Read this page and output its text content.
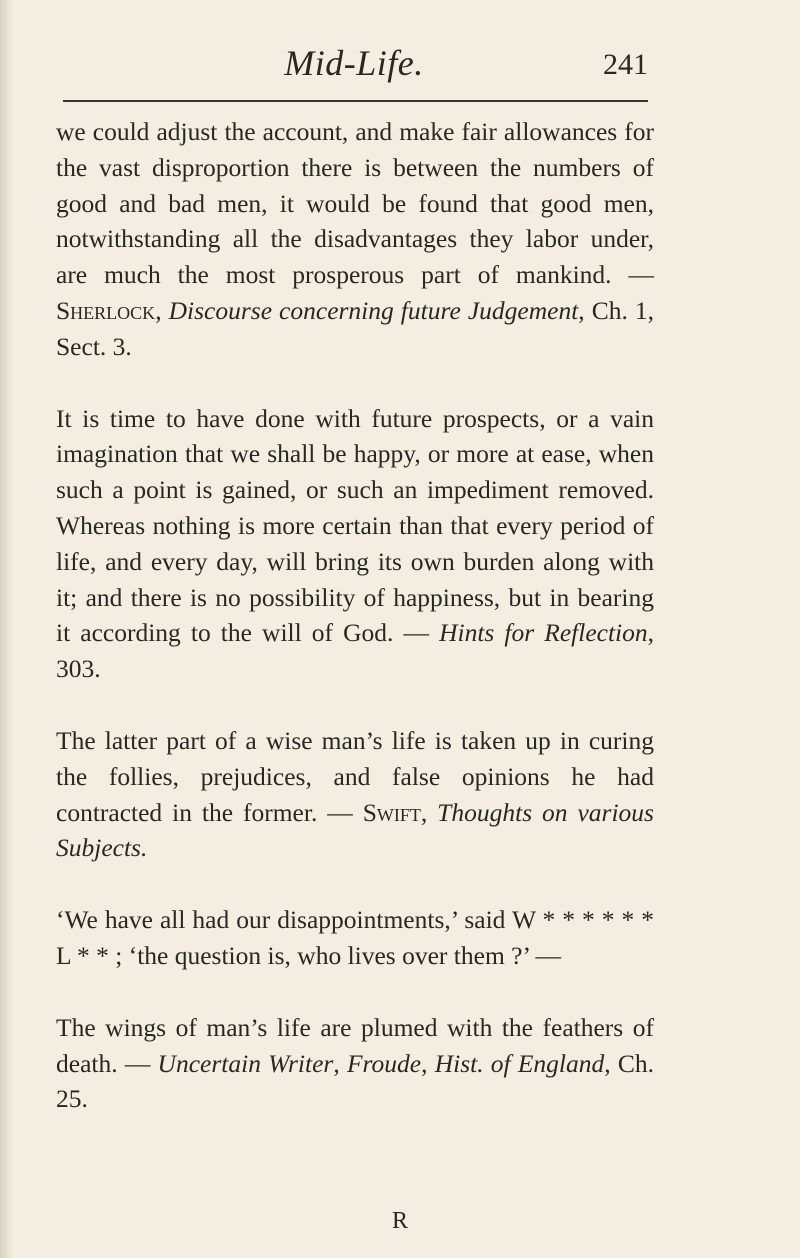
Mid-Life.	241

we could adjust the account, and make fair allowances for the vast disproportion there is between the numbers of good and bad men, it would be found that good men, notwithstanding all the disadvantages they labor under, are much the most prosperous part of mankind. — Sherlock, Discourse concerning future Judgement, Ch. 1, Sect. 3.

It is time to have done with future prospects, or a vain imagination that we shall be happy, or more at ease, when such a point is gained, or such an impediment removed. Whereas nothing is more certain than that every period of life, and every day, will bring its own burden along with it; and there is no possibility of happiness, but in bearing it according to the will of God. — Hints for Reflection, 303.

The latter part of a wise man’s life is taken up in curing the follies, prejudices, and false opinions he had contracted in the former. — Swift, Thoughts on various Subjects.

‘We have all had our disappointments,’ said W * * * * * * L * * ; ‘the question is, who lives over them ?’ —

The wings of man’s life are plumed with the feathers of death. — Uncertain Writer, Froude, Hist. of England, Ch. 25.

R
